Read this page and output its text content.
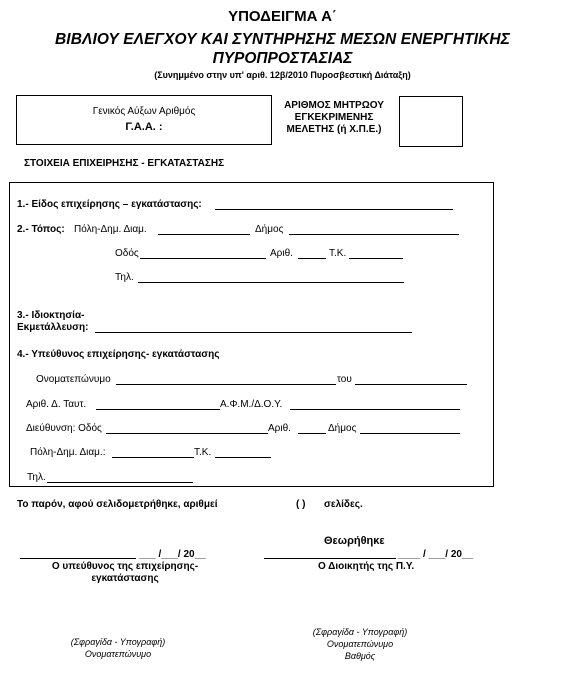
ΥΠΟΔΕΙΓΜΑ Α΄
ΒΙΒΛΙΟΥ ΕΛΕΓΧΟΥ ΚΑΙ ΣΥΝΤΗΡΗΣΗΣ ΜΕΣΩΝ ΕΝΕΡΓΗΤΙΚΗΣ
ΠΥΡΟΠΡΟΣΤΑΣΙΑΣ
(Συνημμένο στην υπ' αριθ. 12β/2010 Πυροσβεστική Διάταξη)
Γενικός Αύξων Αριθμός
Γ.Α.Α. :
ΑΡΙΘΜΟΣ ΜΗΤΡΩΟΥ
ΕΓΚΕΚΡΙΜΕΝΗΣ
ΜΕΛΕΤΗΣ (ή Χ.Π.Ε.)
ΣΤΟΙΧΕΙΑ ΕΠΙΧΕΙΡΗΣΗΣ - ΕΓΚΑΤΑΣΤΑΣΗΣ
1.- Είδος επιχείρησης – εγκατάστασης:
2.- Τόπος: Πόλη-Δημ. Διαμ.	Δήμος
Οδός	Αριθ.	Τ.Κ.
Τηλ.
3.- Ιδιοκτησία-
Εκμετάλλευση:
4.- Υπεύθυνος επιχείρησης- εγκατάστασης
Ονοματεπώνυμο	του
Αριθ. Δ. Ταυτ.	Α.Φ.Μ./Δ.Ο.Υ.
Διεύθυνση: Οδός	Αριθ.	Δήμος
Πόλη-Δημ. Διαμ.:	Τ.Κ.
Τηλ.
Το παρόν, αφού σελιδομετρήθηκε, αριθμεί	( ) σελίδες.
___ /___/ 20__
Ο υπεύθυνος της επιχείρησης-
εγκατάστασης
Θεωρήθηκε
____ / ___/ 20__
Ο Διοικητής της Π.Υ.
(Σφραγίδα - Υπογραφή)
Ονοματεπώνυμο
(Σφραγίδα - Υπογραφή)
Ονοματεπώνυμο
Βαθμός
